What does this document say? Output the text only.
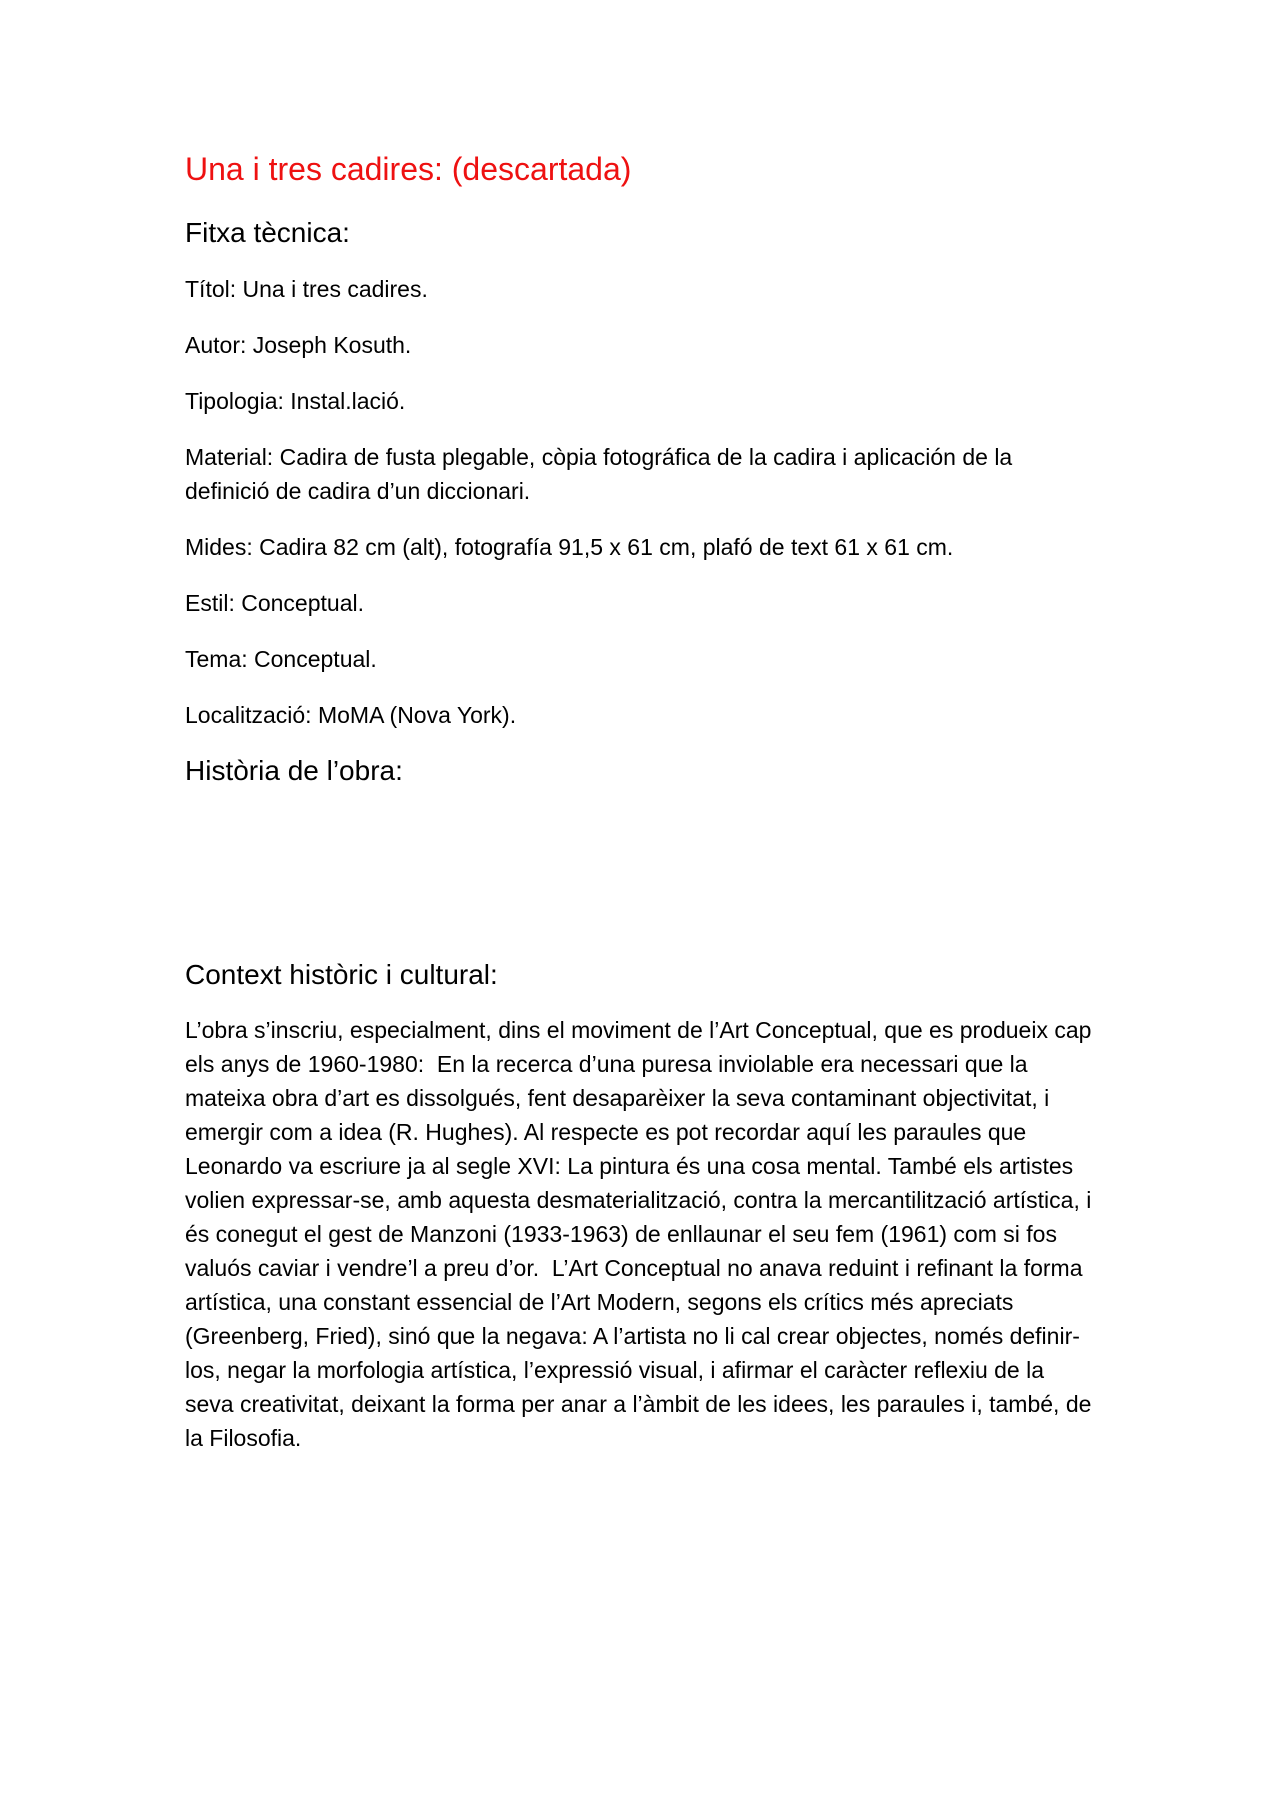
Una i tres cadires: (descartada)
Fitxa tècnica:

Títol: Una i tres cadires.

Autor: Joseph Kosuth.

Tipologia: Instal.lació.

Material: Cadira de fusta plegable, còpia fotográfica de la cadira i aplicación de la definició de cadira d’un diccionari.

Mides: Cadira 82 cm (alt), fotografía 91,5 x 61 cm, plafó de text 61 x 61 cm.

Estil: Conceptual.

Tema: Conceptual.

Localització: MoMA (Nova York).

Història de l’obra:
Context històric i cultural:

L’obra s’inscriu, especialment, dins el moviment de l’Art Conceptual, que es produeix cap els anys de 1960-1980:  En la recerca d’una puresa inviolable era necessari que la mateixa obra d’art es dissolgués, fent desaparèixer la seva contaminant objectivitat, i emergir com a idea (R. Hughes). Al respecte es pot recordar aquí les paraules que Leonardo va escriure ja al segle XVI: La pintura és una cosa mental. També els artistes volien expressar-se, amb aquesta desmaterialització, contra la mercantilització artística, i és conegut el gest de Manzoni (1933-1963) de enllaunar el seu fem (1961) com si fos valuós caviar i vendre’l a preu d’or.  L’Art Conceptual no anava reduint i refinant la forma artística, una constant essencial de l’Art Modern, segons els crítics més apreciats (Greenberg, Fried), sinó que la negava: A l’artista no li cal crear objectes, només definir-los, negar la morfologia artística, l’expressió visual, i afirmar el caràcter reflexiu de la seva creativitat, deixant la forma per anar a l’àmbit de les idees, les paraules i, també, de la Filosofia.
